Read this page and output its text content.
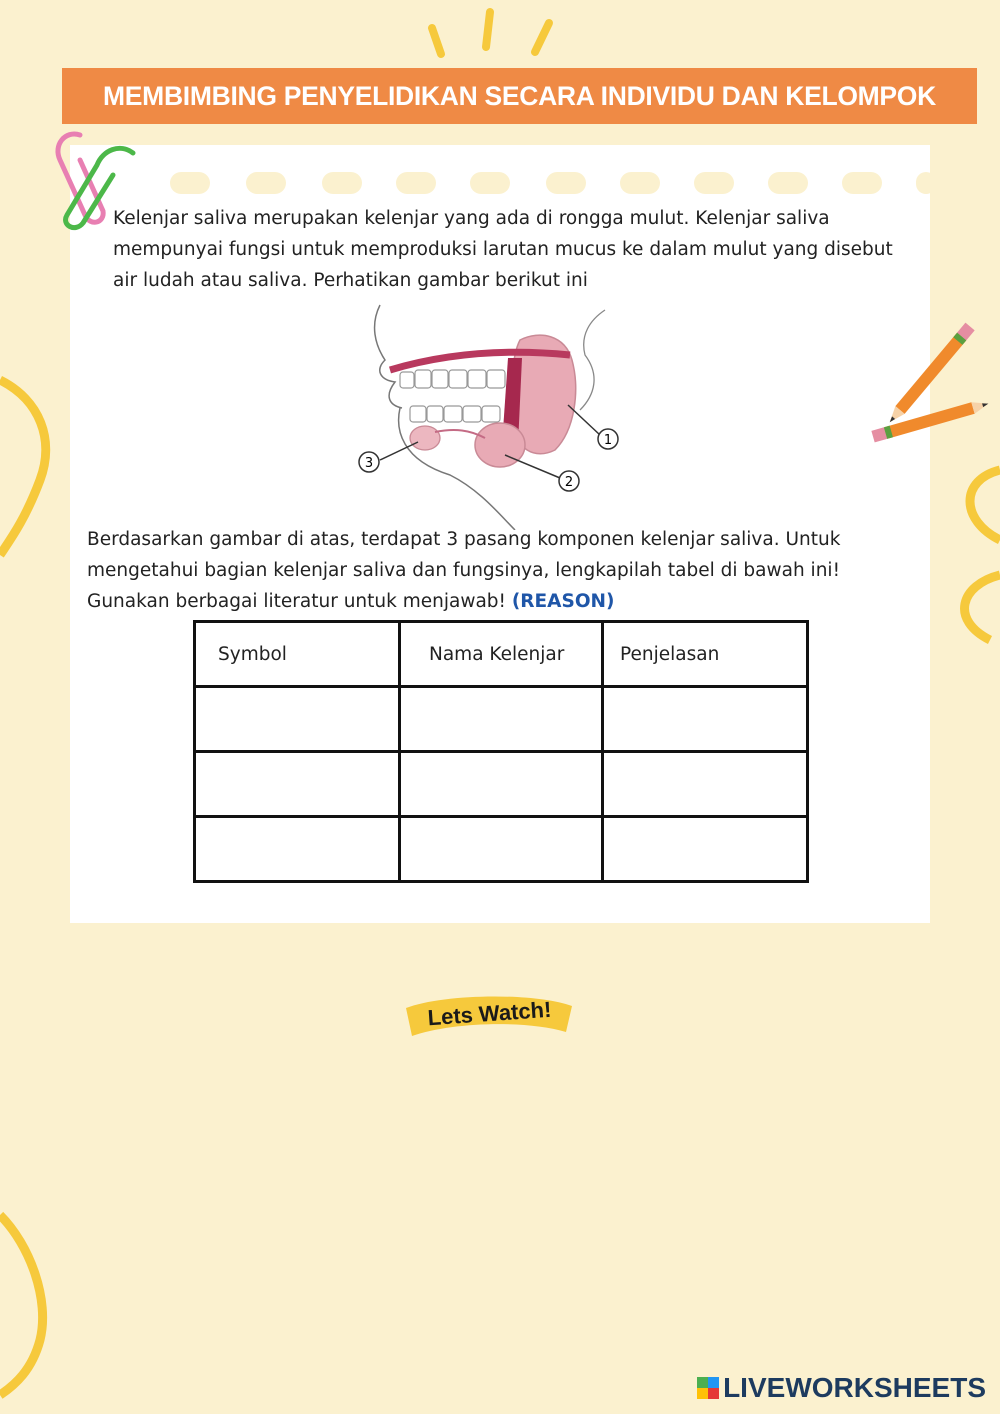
MEMBIMBING PENYELIDIKAN SECARA INDIVIDU DAN KELOMPOK

Kelenjar saliva merupakan kelenjar yang ada di rongga mulut. Kelenjar saliva mempunyai fungsi untuk memproduksi larutan mucus ke dalam mulut yang disebut air ludah atau saliva. Perhatikan gambar berikut ini

1
2
3

Berdasarkan gambar di atas, terdapat 3 pasang komponen kelenjar saliva. Untuk mengetahui bagian kelenjar saliva dan fungsinya, lengkapilah tabel di bawah ini! Gunakan berbagai literatur untuk menjawab! (REASON)

Symbol	Nama Kelenjar	Penjelasan

Lets Watch!
LIVEWORKSHEETS
